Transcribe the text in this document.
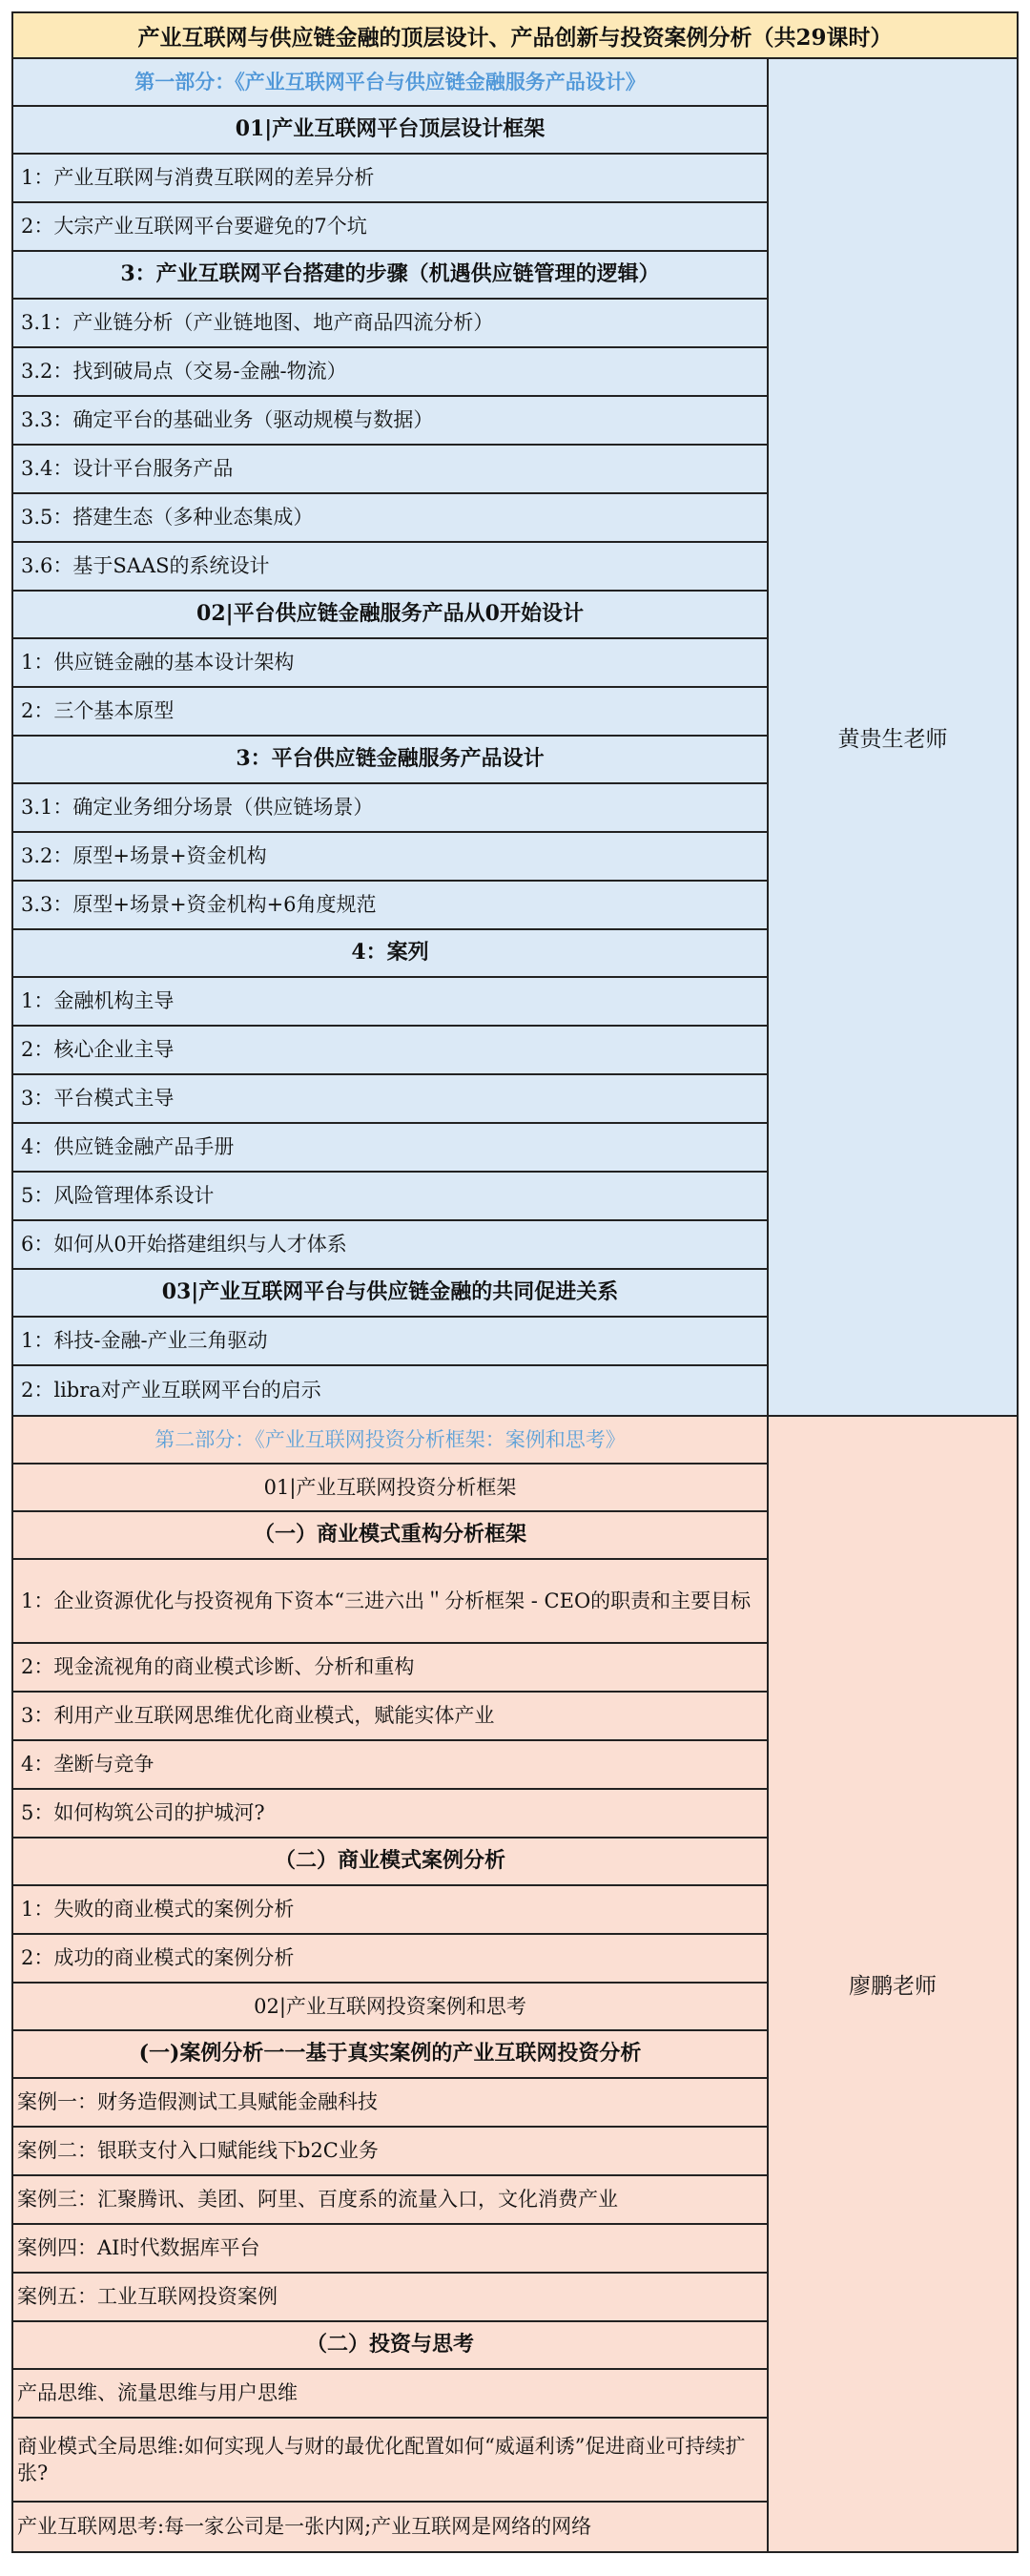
产业互联网与供应链金融的顶层设计、产品创新与投资案例分析（共29课时）
第一部分：《产业互联网平台与供应链金融服务产品设计》
01|产业互联网平台顶层设计框架
1：产业互联网与消费互联网的差异分析
2：大宗产业互联网平台要避免的7个坑
3：产业互联网平台搭建的步骤（机遇供应链管理的逻辑）
3.1：产业链分析（产业链地图、地产商品四流分析）
3.2：找到破局点（交易-金融-物流）
3.3：确定平台的基础业务（驱动规模与数据）
3.4：设计平台服务产品
3.5：搭建生态（多种业态集成）
3.6：基于SAAS的系统设计
02|平台供应链金融服务产品从0开始设计
1：供应链金融的基本设计架构
2：三个基本原型
3：平台供应链金融服务产品设计
3.1：确定业务细分场景（供应链场景）
3.2：原型+场景+资金机构
3.3：原型+场景+资金机构+6角度规范
4：案列
1：金融机构主导
2：核心企业主导
3：平台模式主导
4：供应链金融产品手册
5：风险管理体系设计
6：如何从0开始搭建组织与人才体系
03|产业互联网平台与供应链金融的共同促进关系
1：科技-金融-产业三角驱动
2：libra对产业互联网平台的启示
黄贵生老师
第二部分：《产业互联网投资分析框架：案例和思考》
01|产业互联网投资分析框架
（一）商业模式重构分析框架
1：企业资源优化与投资视角下资本“三进六出＂分析框架 - CEO的职责和主要目标
2：现金流视角的商业模式诊断、分析和重构
3：利用产业互联网思维优化商业模式，赋能实体产业
4：垄断与竞争
5：如何构筑公司的护城河?
（二）商业模式案例分析
1：失败的商业模式的案例分析
2：成功的商业模式的案例分析
02|产业互联网投资案例和思考
(一)案例分析一一基于真实案例的产业互联网投资分析
案例一：财务造假测试工具赋能金融科技
案例二：银联支付入口赋能线下b2C业务
案例三：汇聚腾讯、美团、阿里、百度系的流量入口，文化消费产业
案例四：AI时代数据库平台
案例五：工业互联网投资案例
（二）投资与思考
产品思维、流量思维与用户思维
商业模式全局思维:如何实现人与财的最优化配置如何“威逼利诱”促进商业可持续扩张?
产业互联网思考:每一家公司是一张内网;产业互联网是网络的网络
廖鹏老师
